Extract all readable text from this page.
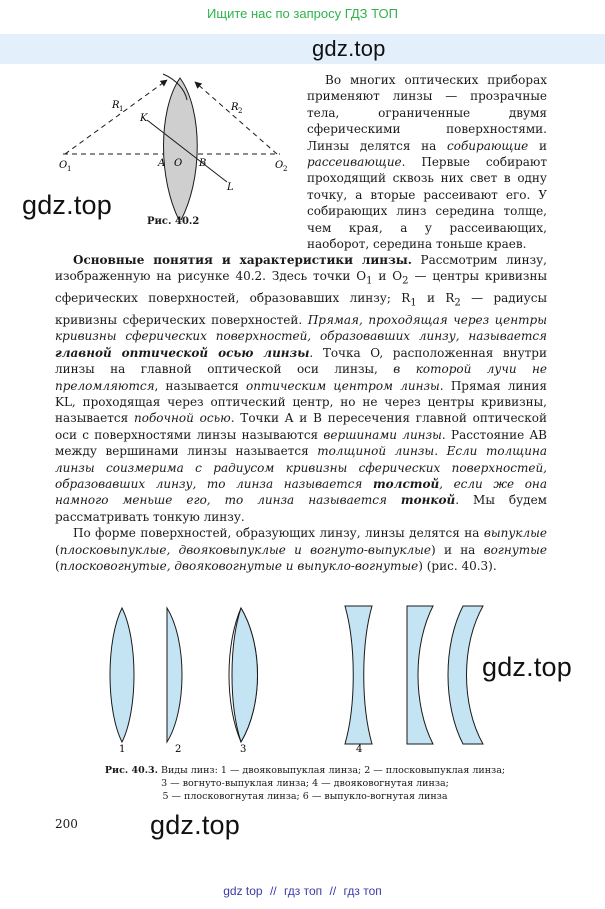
Ищите нас по запросу ГДЗ ТОП
gdz.top
R 1	R 2
K
L
O 1	O 2
A O B
Рис. 40.2
gdz.top
Во многих оптических приборах применяют линзы — прозрачные тела, ограниченные двумя сферическими поверхностями. Линзы делятся на собирающие и рассеивающие. Первые собирают проходящий сквозь них свет в одну точку, а вторые рассеивают его. У собирающих линз середина толще, чем края, а у рассеивающих, наоборот, середина тоньше краев.

Основные понятия и характеристики линзы. Рассмотрим линзу, изображенную на рисунке 40.2. Здесь точки $O_1$ и $O_2$ — центры кривизны сферических поверхностей, образовавших линзу; $R_1$ и $R_2$ — радиусы кривизны сферических поверхностей. Прямая, проходящая через центры кривизны сферических поверхностей, образовавших линзу, называется главной оптической осью линзы. Точка O, расположенная внутри линзы на главной оптической оси линзы, в которой лучи не преломляются, называется оптическим центром линзы. Прямая линия KL, проходящая через оптический центр, но не через центры кривизны, называется побочной осью. Точки A и B пересечения главной оптической оси с поверхностями линзы называются вершинами линзы. Расстояние AB между вершинами линзы называется толщиной линзы. Если толщина линзы соизмерима с радиусом кривизны сферических поверхностей, образовавших линзу, то линза называется толстой, если же она намного меньше его, то линза называется тонкой. Мы будем рассматривать тонкую линзу.

По форме поверхностей, образующих линзу, линзы делятся на выпуклые (плосковыпуклые, двояковыпуклые и вогнуто-выпуклые) и на вогнутые (плосковогнутые, двояковогнутые и выпукло-вогнутые) (рис. 40.3).

1	2	3	4
gdz.top
Рис. 40.3. Виды линз: 1 — двояковыпуклая линза; 2 — плосковыпуклая линза;
3 — вогнуто-выпуклая линза; 4 — двояковогнутая линза;
5 — плосковогнутая линза; 6 — выпукло-вогнутая линза
200	gdz.top
gdz top // гдз топ // гдз топ
